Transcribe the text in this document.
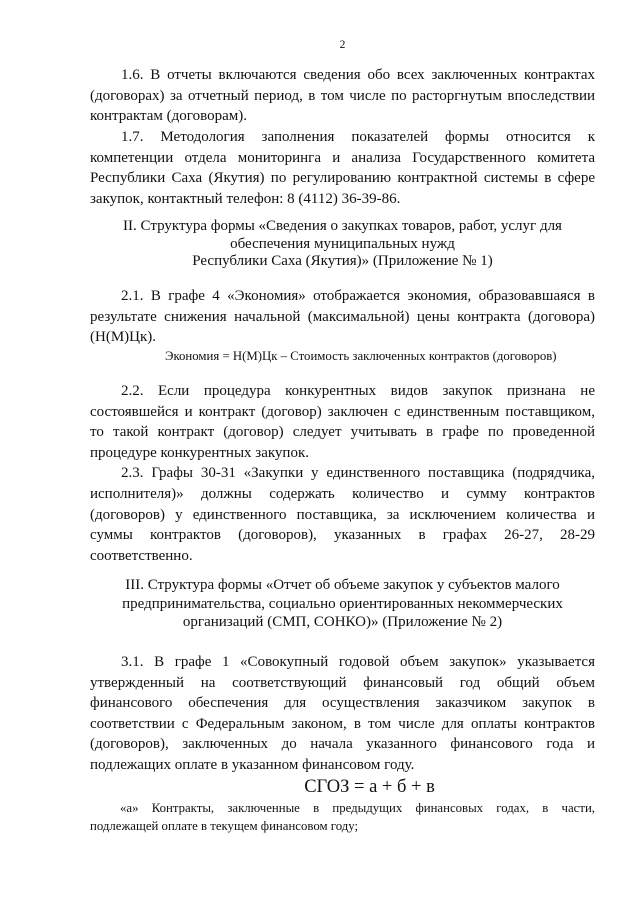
2
1.6. В отчеты включаются сведения обо всех заключенных контрактах
(договорах) за отчетный период, в том числе по расторгнутым впоследствии
контрактам (договорам).
1.7. Методология заполнения показателей формы относится к
компетенции отдела мониторинга и анализа Государственного комитета
Республики Саха (Якутия) по регулированию контрактной системы в сфере
закупок, контактный телефон: 8 (4112) 36-39-86.
II. Структура формы «Сведения о закупках товаров, работ, услуг для
обеспечения муниципальных нужд
Республики Саха (Якутия)» (Приложение № 1)
2.1. В графе 4 «Экономия» отображается экономия, образовавшаяся в
результате снижения начальной (максимальной) цены контракта (договора)
(Н(М)Цк).
Экономия = Н(М)Цк – Стоимость заключенных контрактов (договоров)
2.2. Если процедура конкурентных видов закупок признана не
состоявшейся и контракт (договор) заключен с единственным поставщиком,
то такой контракт (договор) следует учитывать в графе по проведенной
процедуре конкурентных закупок.
2.3. Графы 30-31 «Закупки у единственного поставщика (подрядчика,
исполнителя)» должны содержать количество и сумму контрактов
(договоров) у единственного поставщика, за исключением количества и
суммы контрактов (договоров), указанных в графах 26-27, 28-29
соответственно.
III. Структура формы «Отчет об объеме закупок у субъектов малого
предпринимательства, социально ориентированных некоммерческих
организаций (СМП, СОНКО)» (Приложение № 2)
3.1. В графе 1 «Совокупный годовой объем закупок» указывается
утвержденный на соответствующий финансовый год общий объем
финансового обеспечения для осуществления заказчиком закупок в
соответствии с Федеральным законом, в том числе для оплаты контрактов
(договоров), заключенных до начала указанного финансового года и
подлежащих оплате в указанном финансовом году.
СГОЗ = а + б + в
«а» Контракты, заключенные в предыдущих финансовых годах, в части,
подлежащей оплате в текущем финансовом году;
